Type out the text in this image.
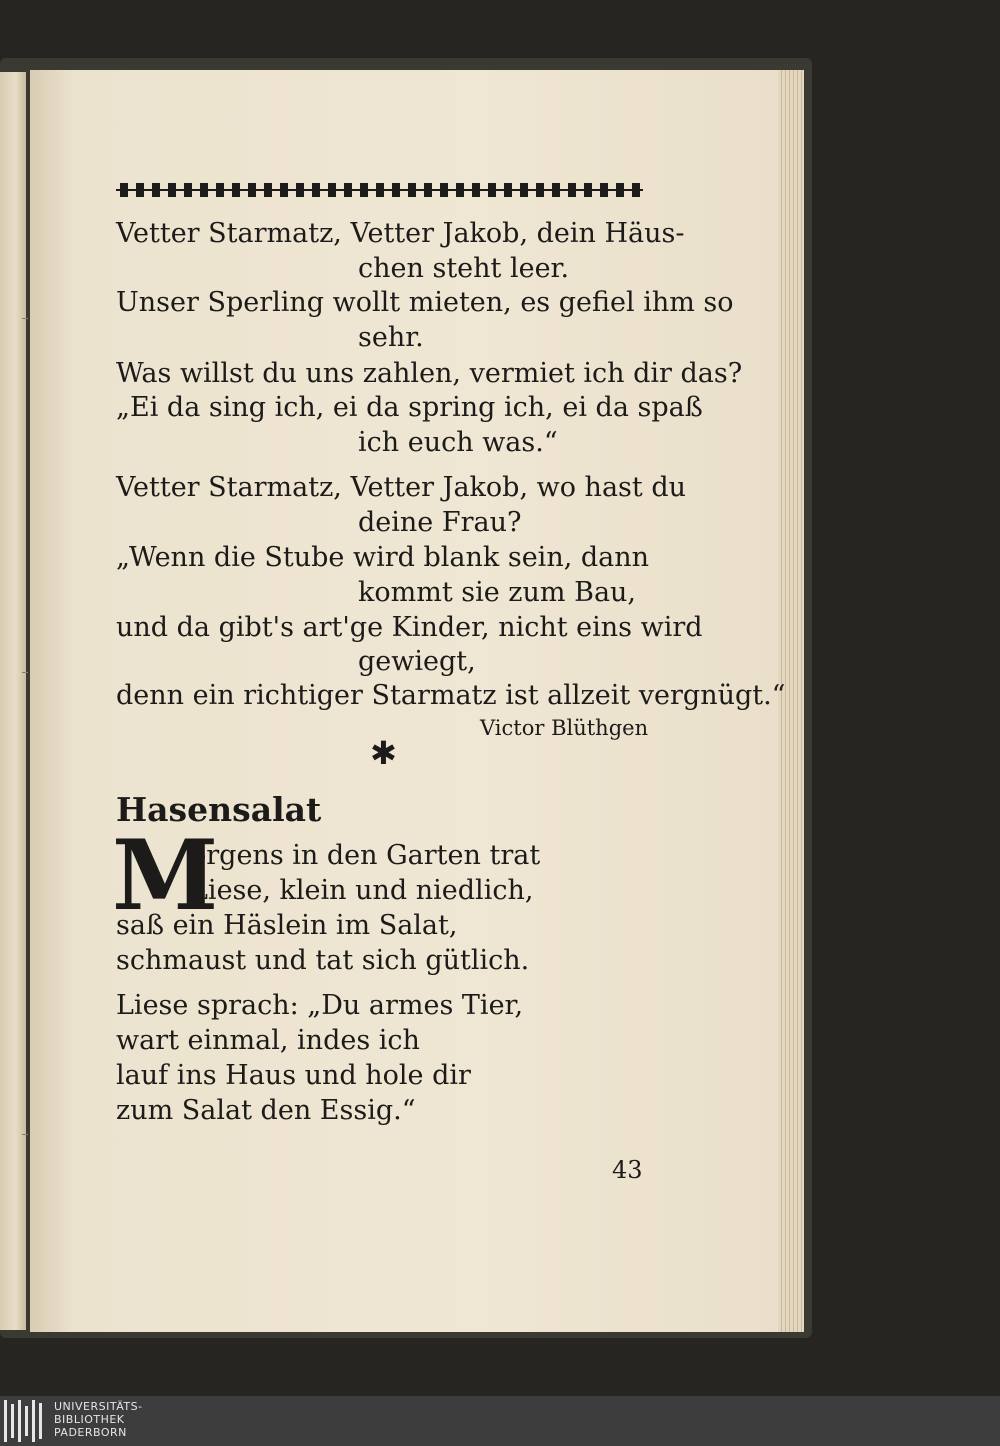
Vetter Starmatz, Vetter Jakob, dein Häus-
chen steht leer.
Unser Sperling wollt mieten, es gefiel ihm so
sehr.
Was willst du uns zahlen, vermiet ich dir das?
„Ei da sing ich, ei da spring ich, ei da spaß
ich euch was.“
Vetter Starmatz, Vetter Jakob, wo hast du
deine Frau?
„Wenn die Stube wird blank sein, dann
kommt sie zum Bau,
und da gibt's art'ge Kinder, nicht eins wird
gewiegt,
denn ein richtiger Starmatz ist allzeit vergnügt.“
Victor Blüthgen
✱
Hasensalat
M
orgens in den Garten trat
Liese, klein und niedlich,
saß ein Häslein im Salat,
schmaust und tat sich gütlich.
Liese sprach: „Du armes Tier,
wart einmal, indes ich
lauf ins Haus und hole dir
zum Salat den Essig.“
43
UNIVERSITÄTS-
BIBLIOTHEK
PADERBORN
